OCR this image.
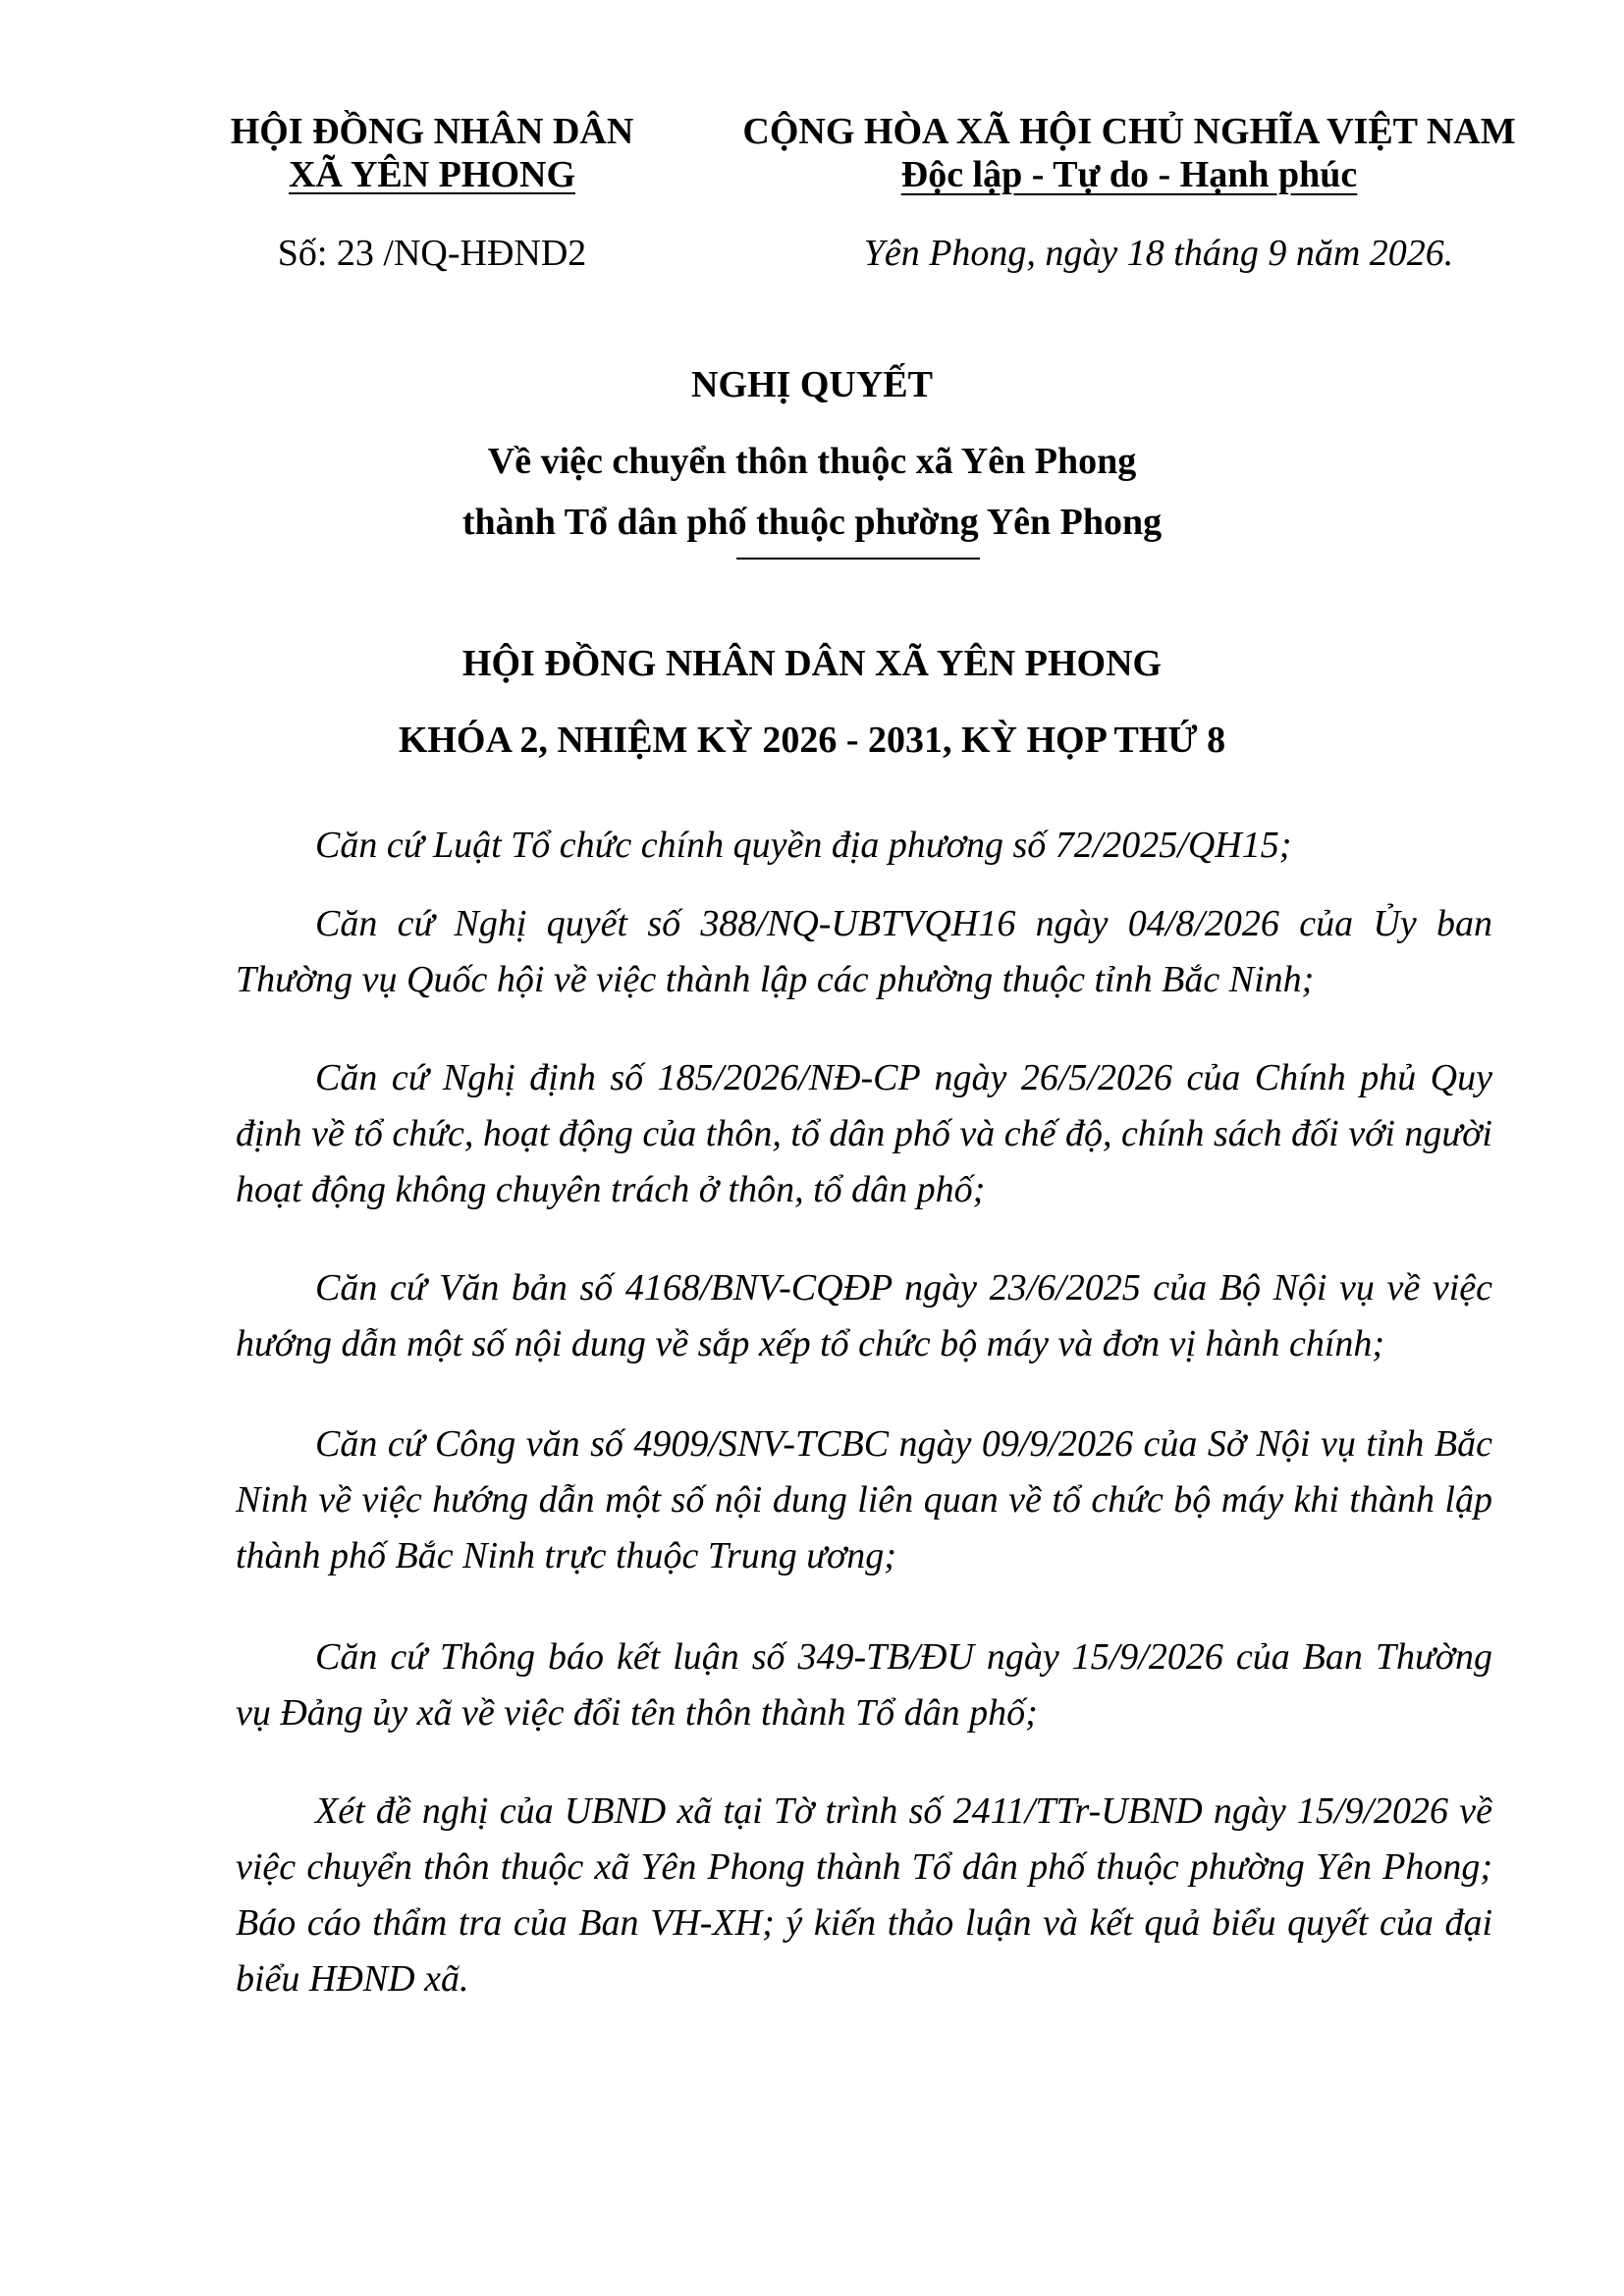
HỘI ĐỒNG NHÂN DÂN
XÃ YÊN PHONG
CỘNG HÒA XÃ HỘI CHỦ NGHĨA VIỆT NAM
Độc lập - Tự do - Hạnh phúc
Số: 23 /NQ-HĐND2	Yên Phong, ngày 18 tháng 9 năm 2026.
NGHỊ QUYẾT
Về việc chuyển thôn thuộc xã Yên Phong
thành Tổ dân phố thuộc phường Yên Phong
HỘI ĐỒNG NHÂN DÂN XÃ YÊN PHONG
KHÓA 2, NHIỆM KỲ 2026 - 2031, KỲ HỌP THỨ 8

Căn cứ Luật Tổ chức chính quyền địa phương số 72/2025/QH15;

Căn cứ Nghị quyết số 388/NQ-UBTVQH16 ngày 04/8/2026 của Ủy ban Thường vụ Quốc hội về việc thành lập các phường thuộc tỉnh Bắc Ninh;

Căn cứ Nghị định số 185/2026/NĐ-CP ngày 26/5/2026 của Chính phủ Quy định về tổ chức, hoạt động của thôn, tổ dân phố và chế độ, chính sách đối với người hoạt động không chuyên trách ở thôn, tổ dân phố;

Căn cứ Văn bản số 4168/BNV-CQĐP ngày 23/6/2025 của Bộ Nội vụ về việc hướng dẫn một số nội dung về sắp xếp tổ chức bộ máy và đơn vị hành chính;

Căn cứ Công văn số 4909/SNV-TCBC ngày 09/9/2026 của Sở Nội vụ tỉnh Bắc Ninh về việc hướng dẫn một số nội dung liên quan về tổ chức bộ máy khi thành lập thành phố Bắc Ninh trực thuộc Trung ương;

Căn cứ Thông báo kết luận số 349-TB/ĐU ngày 15/9/2026 của Ban Thường vụ Đảng ủy xã về việc đổi tên thôn thành Tổ dân phố;

Xét đề nghị của UBND xã tại Tờ trình số 2411/TTr-UBND ngày 15/9/2026 về việc chuyển thôn thuộc xã Yên Phong thành Tổ dân phố thuộc phường Yên Phong; Báo cáo thẩm tra của Ban VH-XH; ý kiến thảo luận và kết quả biểu quyết của đại biểu HĐND xã.
